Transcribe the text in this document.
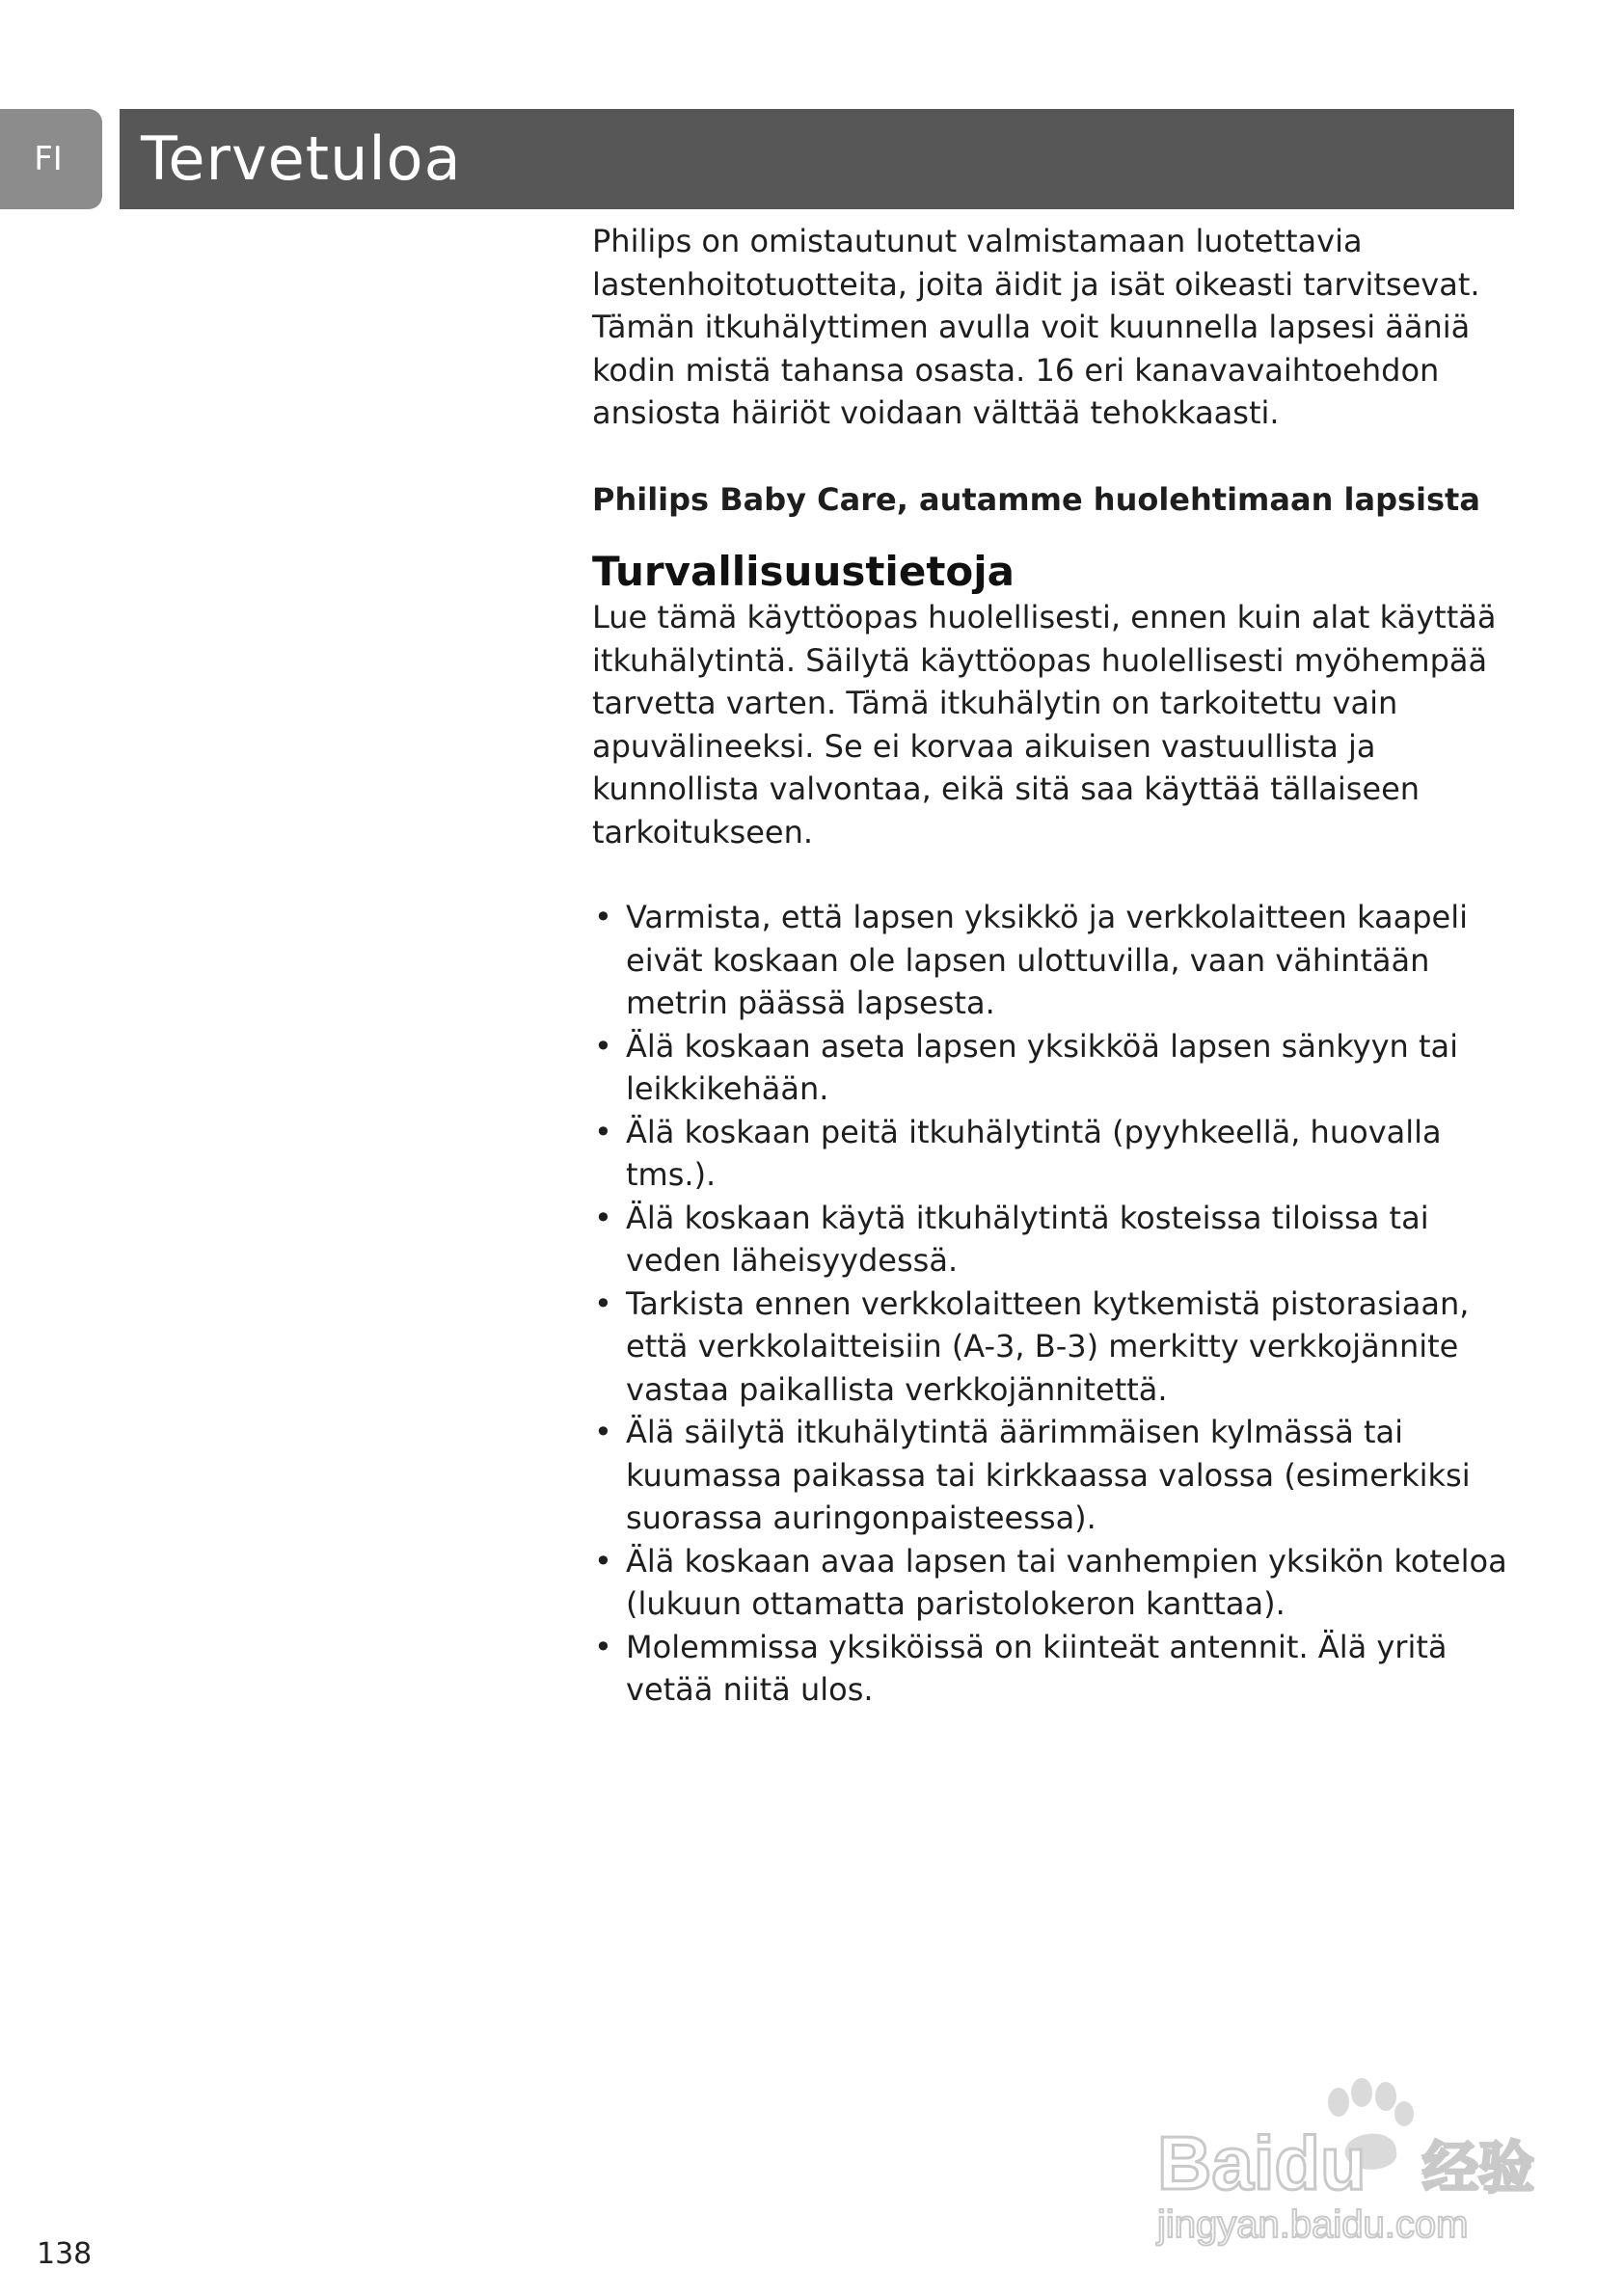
FI	Tervetuloa

Philips on omistautunut valmistamaan luotettavia lastenhoitotuotteita, joita äidit ja isät oikeasti tarvitsevat. Tämän itkuhälyttimen avulla voit kuunnella lapsesi ääniä kodin mistä tahansa osasta. 16 eri kanavavaihtoehdon ansiosta häiriöt voidaan välttää tehokkaasti.

Philips Baby Care, autamme huolehtimaan lapsista

Turvallisuustietoja

Lue tämä käyttöopas huolellisesti, ennen kuin alat käyttää itkuhälytintä. Säilytä käyttöopas huolellisesti myöhempää tarvetta varten. Tämä itkuhälytin on tarkoitettu vain apuvälineeksi. Se ei korvaa aikuisen vastuullista ja kunnollista valvontaa, eikä sitä saa käyttää tällaiseen tarkoitukseen.

• Varmista, että lapsen yksikkö ja verkkolaitteen kaapeli eivät koskaan ole lapsen ulottuvilla, vaan vähintään metrin päässä lapsesta.
• Älä koskaan aseta lapsen yksikköä lapsen sänkyyn tai leikkikehään.
• Älä koskaan peitä itkuhälytintä (pyyhkeellä, huovalla tms.).
• Älä koskaan käytä itkuhälytintä kosteissa tiloissa tai veden läheisyydessä.
• Tarkista ennen verkkolaitteen kytkemistä pistorasiaan, että verkkolaitteisiin (A-3, B-3) merkitty verkkojännite vastaa paikallista verkkojännitettä.
• Älä säilytä itkuhälytintä äärimmäisen kylmässä tai kuumassa paikassa tai kirkkaassa valossa (esimerkiksi suorassa auringonpaisteessa).
• Älä koskaan avaa lapsen tai vanhempien yksikön koteloa (lukuun ottamatta paristolokeron kanttaa).
• Molemmissa yksiköissä on kiinteät antennit. Älä yritä vetää niitä ulos.
138
Baidu 经验
jingyan.baidu.com
